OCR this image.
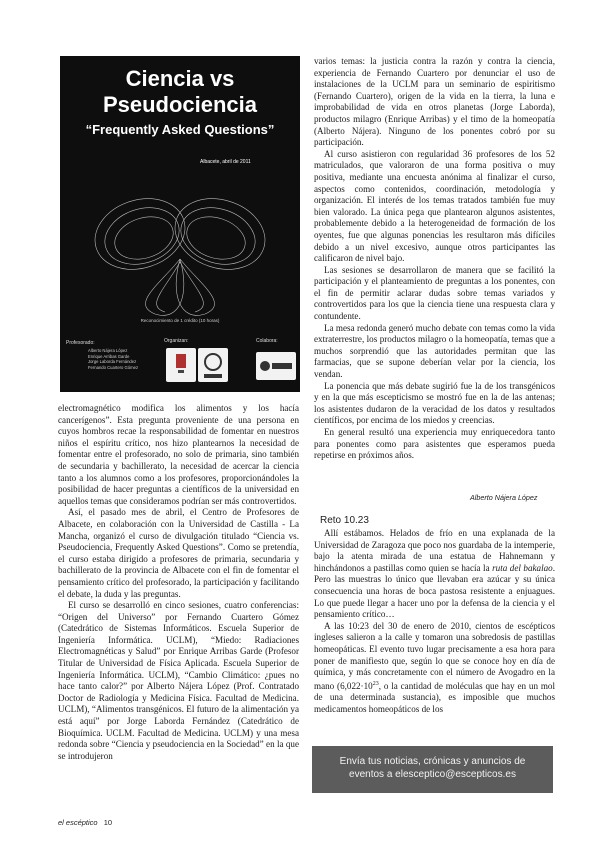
Ciencia vs
Pseudociencia
“Frequently Asked Questions”
Albacete, abril de 2011
Reconocimiento de 1 crédito (10 horas)
Profesorado:
Alberto Nájera López
Enrique Arribas Garde
Jorge Laborda Fernández
Fernando Cuartero Gómez
Organizan:	Colabora:

electromagnético modifica los alimentos y los hacía cancerígenos”. Esta pregunta proveniente de una persona en cuyos hombros recae la responsabilidad de fomentar en nuestros niños el espíritu crítico, nos hizo plantearnos la necesidad de fomentar entre el profesorado, no solo de primaria, sino también de secundaria y bachillerato, la necesidad de acercar la ciencia tanto a los alumnos como a los profesores, proporcionándoles la posibilidad de hacer preguntas a científicos de la universidad en aquellos temas que consideramos podrían ser más controvertidos.

Así, el pasado mes de abril, el Centro de Profesores de Albacete, en colaboración con la Universidad de Castilla - La Mancha, organizó el curso de divulgación titulado “Ciencia vs. Pseudociencia, Frequently Asked Questions”. Como se pretendía, el curso estaba dirigido a profesores de primaria, secundaria y bachillerato de la provincia de Albacete con el fin de fomentar el pensamiento crítico del profesorado, la participación y facilitando el debate, la duda y las preguntas.

El curso se desarrolló en cinco sesiones, cuatro conferencias: “Origen del Universo” por Fernando Cuartero Gómez (Catedrático de Sistemas Informáticos. Escuela Superior de Ingeniería Informática. UCLM), “Miedo: Radiaciones Electromagnéticas y Salud” por Enrique Arribas Garde (Profesor Titular de Universidad de Física Aplicada. Escuela Superior de Ingeniería Informática. UCLM), “Cambio Climático: ¿pues no hace tanto calor?” por Alberto Nájera López (Prof. Contratado Doctor de Radiología y Medicina Física. Facultad de Medicina. UCLM), “Alimentos transgénicos. El futuro de la alimentación ya está aquí” por Jorge Laborda Fernández (Catedrático de Bioquímica. UCLM. Facultad de Medicina. UCLM) y una mesa redonda sobre “Ciencia y pseudociencia en la Sociedad” en la que se introdujeron

varios temas: la justicia contra la razón y contra la ciencia, experiencia de Fernando Cuartero por denunciar el uso de instalaciones de la UCLM para un seminario de espiritismo (Fernando Cuartero), origen de la vida en la tierra, la luna e improbabilidad de vida en otros planetas (Jorge Laborda), productos milagro (Enrique Arribas) y el timo de la homeopatía (Alberto Nájera). Ninguno de los ponentes cobró por su participación.

Al curso asistieron con regularidad 36 profesores de los 52 matriculados, que valoraron de una forma positiva o muy positiva, mediante una encuesta anónima al finalizar el curso, aspectos como contenidos, coordinación, metodología y organización. El interés de los temas tratados también fue muy bien valorado. La única pega que plantearon algunos asistentes, probablemente debido a la heterogeneidad de formación de los oyentes, fue que algunas ponencias les resultaron más difíciles debido a un nivel excesivo, aunque otros participantes las calificaron de nivel bajo.

Las sesiones se desarrollaron de manera que se facilitó la participación y el planteamiento de preguntas a los ponentes, con el fin de permitir aclarar dudas sobre temas variados y controvertidos para los que la ciencia tiene una respuesta clara y contundente.

La mesa redonda generó mucho debate con temas como la vida extraterrestre, los productos milagro o la homeopatía, temas que a muchos sorprendió que las autoridades permitan que las farmacias, que se supone deberían velar por la ciencia, los vendan.

La ponencia que más debate sugirió fue la de los transgénicos y en la que más escepticismo se mostró fue en la de las antenas; los asistentes dudaron de la veracidad de los datos y resultados científicos, por encima de los miedos y creencias.

En general resultó una experiencia muy enriquecedora tanto para ponentes como para asistentes que esperamos pueda repetirse en próximos años.

Alberto Nájera López
Reto 10.23

Allí estábamos. Helados de frío en una explanada de la Universidad de Zaragoza que poco nos guardaba de la intemperie, bajo la atenta mirada de una estatua de Hahnemann y hinchándonos a pastillas como quien se hacía la ruta del bakalao. Pero las muestras lo único que llevaban era azúcar y su única consecuencia una horas de boca pastosa resistente a enjuagues. Lo que puede llegar a hacer uno por la defensa de la ciencia y el pensamiento crítico…

A las 10:23 del 30 de enero de 2010, cientos de escépticos ingleses salieron a la calle y tomaron una sobredosis de pastillas homeopáticas. El evento tuvo lugar precisamente a esa hora para poner de manifiesto que, según lo que se conoce hoy en día de química, y más concretamente con el número de Avogadro en la mano ($6,022\cdot 10^{23}$, o la cantidad de moléculas que hay en un mol de una determinada sustancia), es imposible que muchos medicamentos homeopáticos de los

Envía tus noticias, crónicas y anuncios de
eventos a elesceptico@escepticos.es
el escéptico 10
